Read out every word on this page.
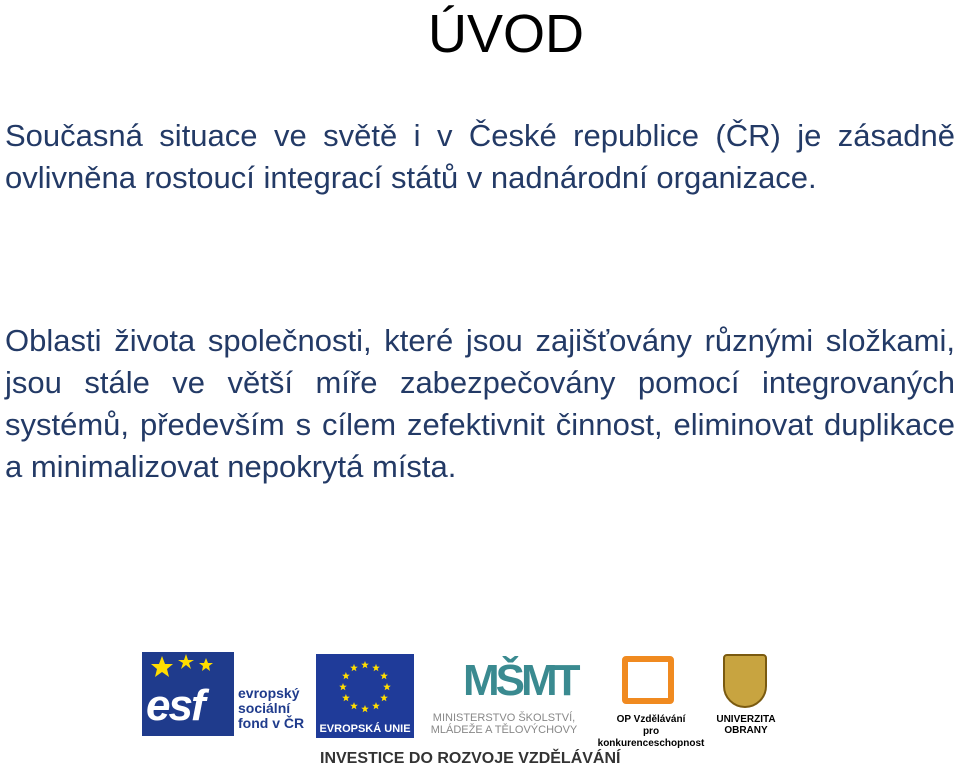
ÚVOD
Současná situace ve světě i v České republice (ČR) je zásadně ovlivněna rostoucí integrací států v nadnárodní organizace.
Oblasti života společnosti, které jsou zajišťovány různými složkami, jsou stále ve větší míře zabezpečovány pomocí integrovaných systémů, především s cílem zefektivnit činnost, eliminovat duplikace a minimalizovat nepokrytá místa.
esf evropský
sociální
fond v ČR	EVROPSKÁ UNIE
MŠMT
MINISTERSTVO ŠKOLSTVÍ,
MLÁDEŽE A TĚLOVÝCHOVY
OP Vzdělávání
pro konkurenceschopnost
UNIVERZITA
OBRANY
INVESTICE DO ROZVOJE VZDĚLÁVÁNÍ
